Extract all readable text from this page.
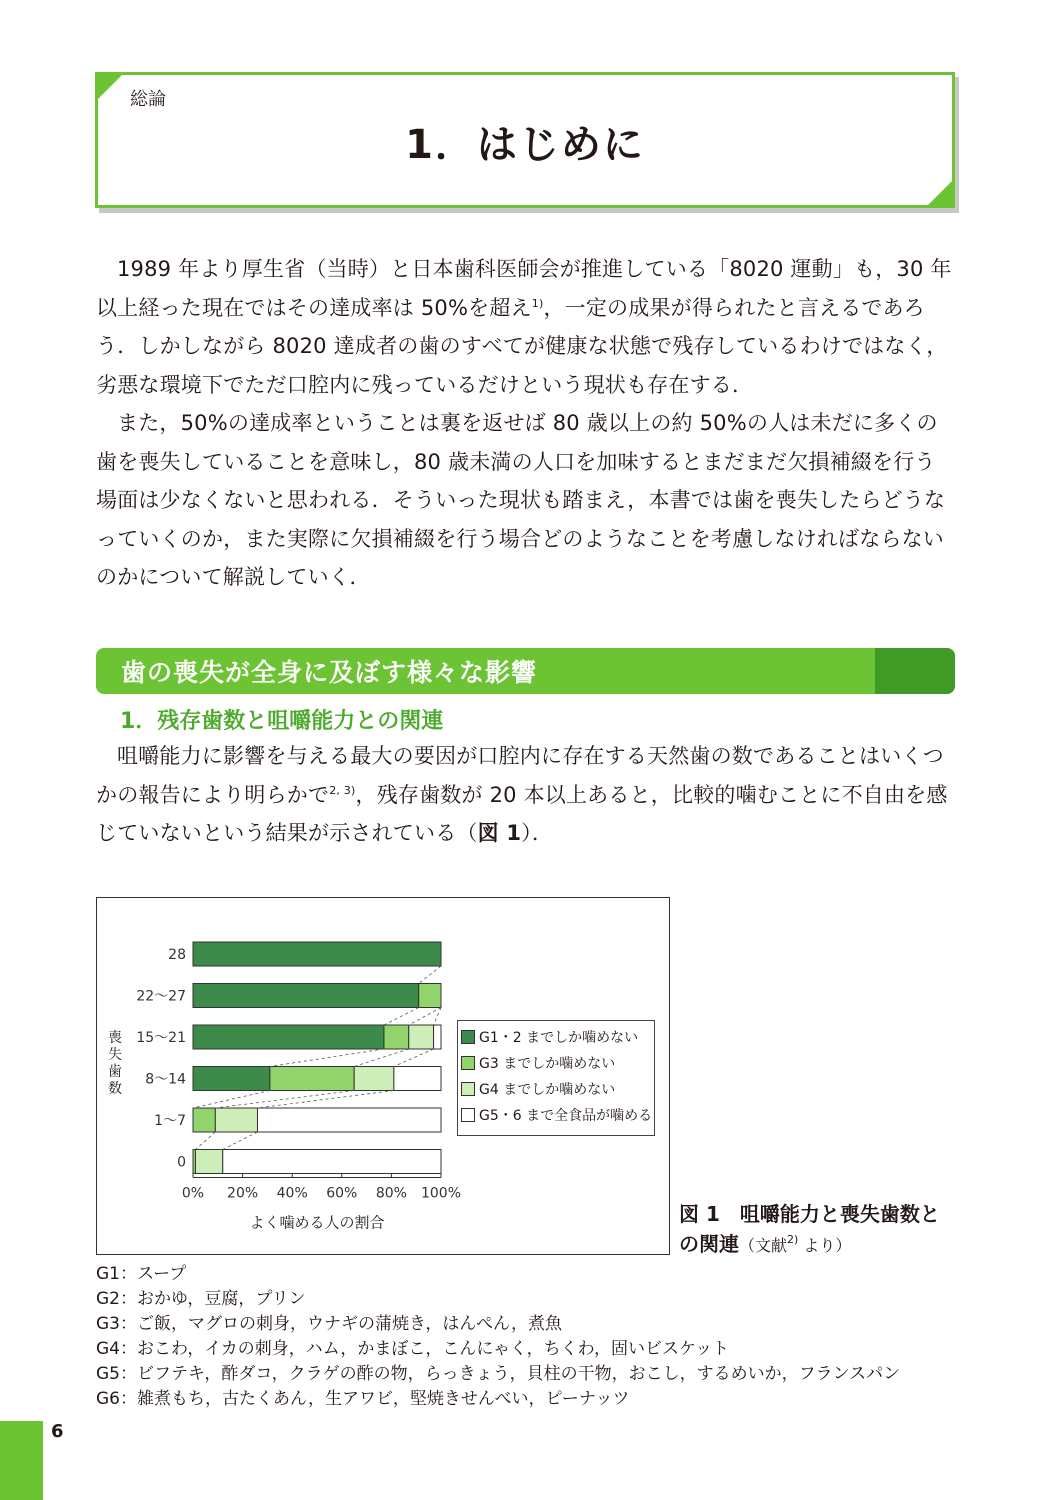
総論
1．はじめに

1989 年より厚生省（当時）と日本歯科医師会が推進している「8020 運動」も，30 年以上経った現在ではその達成率は 50%を超え$^{1)}$，一定の成果が得られたと言えるであろう．しかしながら 8020 達成者の歯のすべてが健康な状態で残存しているわけではなく，劣悪な環境下でただ口腔内に残っているだけという現状も存在する．

また，50%の達成率ということは裏を返せば 80 歳以上の約 50%の人は未だに多くの歯を喪失していることを意味し，80 歳未満の人口を加味するとまだまだ欠損補綴を行う場面は少なくないと思われる．そういった現状も踏まえ，本書では歯を喪失したらどうなっていくのか，また実際に欠損補綴を行う場合どのようなことを考慮しなければならないのかについて解説していく．

歯の喪失が全身に及ぼす様々な影響
1．残存歯数と咀嚼能力との関連

咀嚼能力に影響を与える最大の要因が口腔内に存在する天然歯の数であることはいくつかの報告により明らかで$^{2, 3)}$，残存歯数が 20 本以上あると，比較的噛むことに不自由を感じていないという結果が示されている（図 1）．

28
22～27
15～21
8～14
1～7
0
0% 20% 40% 60% 80% 100%
よく噛める人の割合
喪失歯数
G1・2 までしか噛めない
G3 までしか噛めない
G4 までしか噛めない
G5・6 まで全食品が噛める
図 1　咀嚼能力と喪失歯数との関連（文献$^{2)}$ より）
G1：スープ
G2：おかゆ，豆腐，プリン
G3：ご飯，マグロの刺身，ウナギの蒲焼き，はんぺん，煮魚
G4：おこわ，イカの刺身，ハム，かまぼこ，こんにゃく，ちくわ，固いビスケット
G5：ビフテキ，酢ダコ，クラゲの酢の物，らっきょう，貝柱の干物，おこし，するめいか，フランスパン
G6：雑煮もち，古たくあん，生アワビ，堅焼きせんべい，ピーナッツ
6
